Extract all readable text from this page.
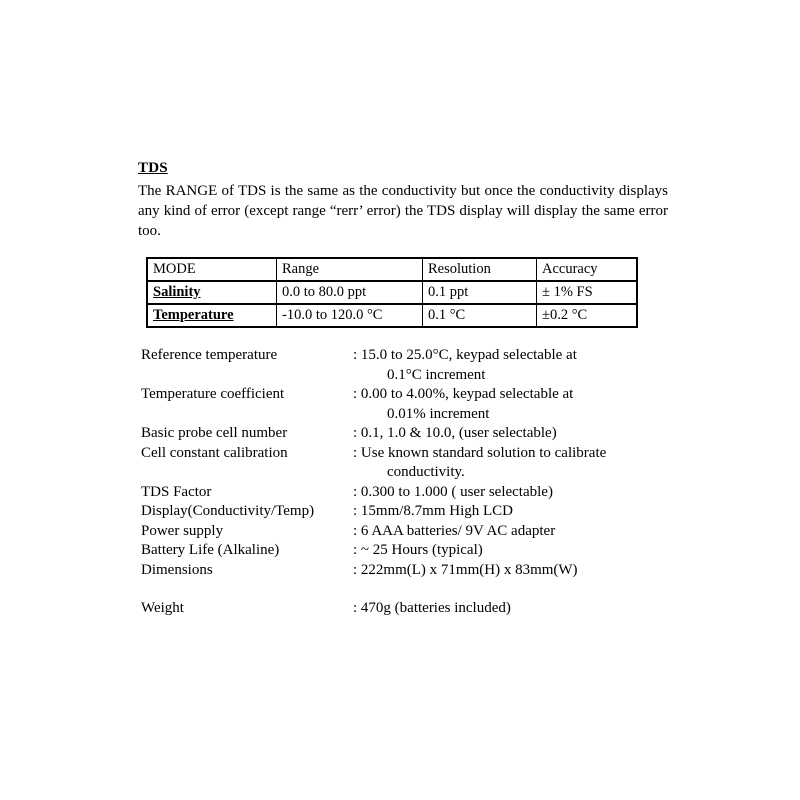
TDS

The RANGE of TDS is the same as the conductivity but once the conductivity displays any kind of error (except range “rerr’ error) the TDS display will display the same error too.

MODE	Range	Resolution	Accuracy
Salinity	0.0 to 80.0 ppt	0.1 ppt	± 1% FS
Temperature	-10.0 to 120.0 °C	0.1 °C	±0.2 °C
Reference temperature	: 15.0 to 25.0°C, keypad selectable at
0.1°C increment

Temperature coefficient	: 0.00 to 4.00%, keypad selectable at
0.01% increment

Basic probe cell number	: 0.1, 1.0 & 10.0, (user selectable)
Cell constant calibration	: Use known standard solution to calibrate
conductivity.

TDS Factor	: 0.300 to 1.000 ( user selectable)
Display(Conductivity/Temp)	: 15mm/8.7mm High LCD
Power supply	: 6 AAA batteries/ 9V AC adapter
Battery Life (Alkaline)	: ~ 25 Hours (typical)
Dimensions	: 222mm(L) x 71mm(H) x 83mm(W)

Weight	: 470g (batteries included)
